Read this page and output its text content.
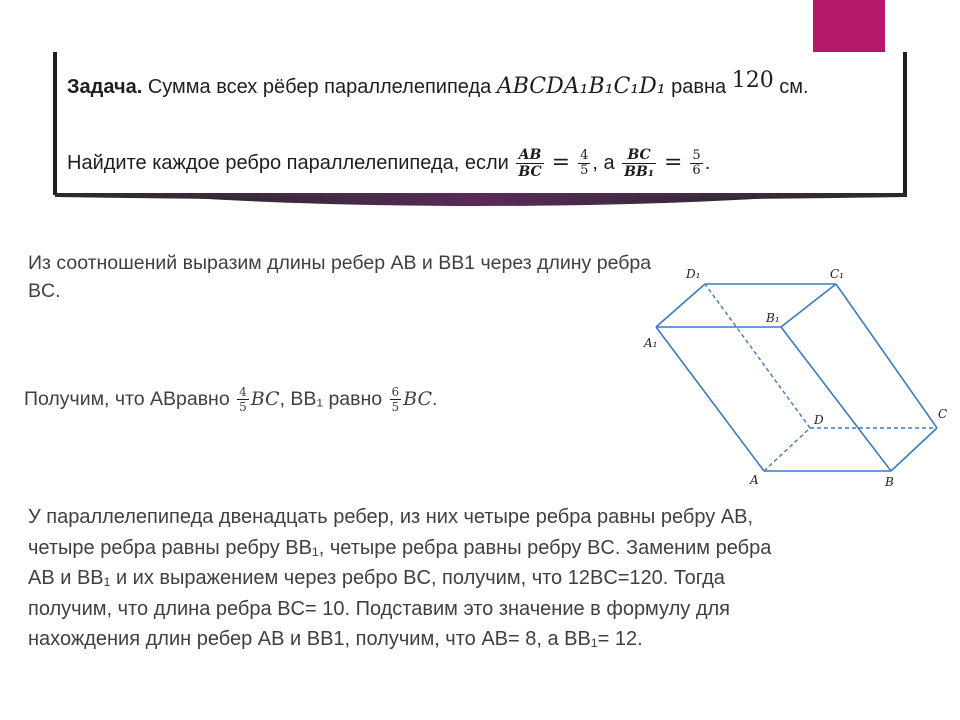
Задача. Сумма всех рёбер параллелепипеда ABCDA₁B₁C₁D₁ равна 120 см.
Найдите каждое ребро параллелепипеда, если $\frac{AB}{BC} = \frac{4}{5}$ , а $\frac{BC}{\text{BB₁}} = \frac{5}{6}$ .
Из соотношений выразим длины ребер AB и BB1 через длину ребра BC.
Получим, что ABравно $\frac{4}{5}$ BC, BB₁ равно $\frac{6}{5}$ BC.
У параллелепипеда двенадцать ребер, из них четыре ребра равны ребру AB, четыре ребра равны ребру BB₁, четыре ребра равны ребру BC. Заменим ребра AB и BB₁ и их выражением через ребро BC, получим, что 12BC=120. Тогда получим, что длина ребра BC= 10. Подставим это значение в формулу для нахождения длин ребер AB и BB1, получим, что AB= 8, а BB₁= 12.
D₁	C₁
B₁
A₁
D	C
A	B
